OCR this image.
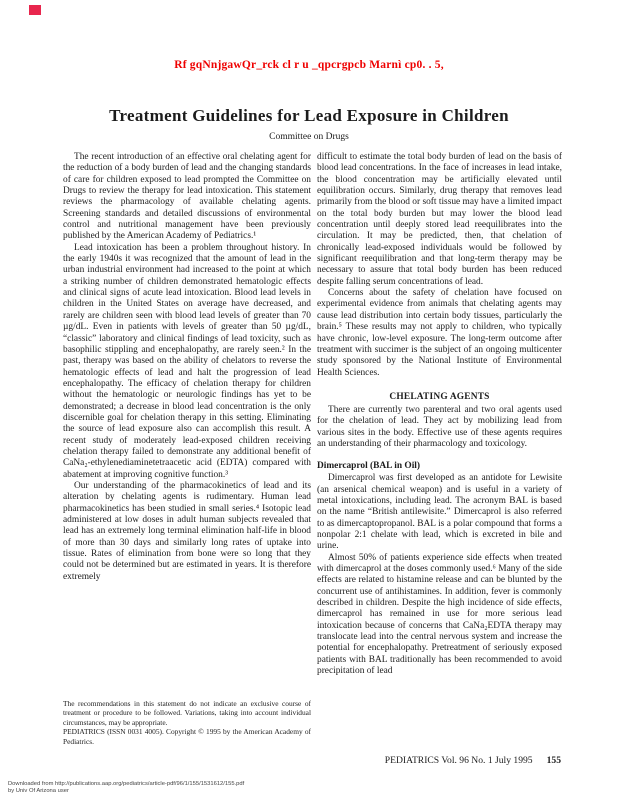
Rf gqNnjgawQr_rck cl r u _qpcrgpcb Marnì cp0. . 5,
Treatment Guidelines for Lead Exposure in Children
Committee on Drugs

The recent introduction of an effective oral chelating agent for the reduction of a body burden of lead and the changing standards of care for children exposed to lead prompted the Committee on Drugs to review the therapy for lead intoxication. This statement reviews the pharmacology of available chelating agents. Screening standards and detailed discussions of environmental control and nutritional management have been previously published by the American Academy of Pediatrics.¹

Lead intoxication has been a problem throughout history. In the early 1940s it was recognized that the amount of lead in the urban industrial environment had increased to the point at which a striking number of children demonstrated hematologic effects and clinical signs of acute lead intoxication. Blood lead levels in children in the United States on average have decreased, and rarely are children seen with blood lead levels of greater than 70 µg/dL. Even in patients with levels of greater than 50 µg/dL, “classic” laboratory and clinical findings of lead toxicity, such as basophilic stippling and encephalopathy, are rarely seen.² In the past, therapy was based on the ability of chelators to reverse the hematologic effects of lead and halt the progression of lead encephalopathy. The efficacy of chelation therapy for children without the hematologic or neurologic findings has yet to be demonstrated; a decrease in blood lead concentration is the only discernible goal for chelation therapy in this setting. Eliminating the source of lead exposure also can accomplish this result. A recent study of moderately lead-exposed children receiving chelation therapy failed to demonstrate any additional benefit of CaNa₂-ethylenediaminetetraacetic acid (EDTA) compared with abatement at improving cognitive function.³

Our understanding of the pharmacokinetics of lead and its alteration by chelating agents is rudimentary. Human lead pharmacokinetics has been studied in small series.⁴ Isotopic lead administered at low doses in adult human subjects revealed that lead has an extremely long terminal elimination half-life in blood of more than 30 days and similarly long rates of uptake into tissue. Rates of elimination from bone were so long that they could not be determined but are estimated in years. It is therefore extremely

difficult to estimate the total body burden of lead on the basis of blood lead concentrations. In the face of increases in lead intake, the blood concentration may be artificially elevated until equilibration occurs. Similarly, drug therapy that removes lead primarily from the blood or soft tissue may have a limited impact on the total body burden but may lower the blood lead concentration until deeply stored lead reequilibrates into the circulation. It may be predicted, then, that chelation of chronically lead-exposed individuals would be followed by significant reequilibration and that long-term therapy may be necessary to assure that total body burden has been reduced despite falling serum concentrations of lead.

Concerns about the safety of chelation have focused on experimental evidence from animals that chelating agents may cause lead distribution into certain body tissues, particularly the brain.⁵ These results may not apply to children, who typically have chronic, low-level exposure. The long-term outcome after treatment with succimer is the subject of an ongoing multicenter study sponsored by the National Institute of Environmental Health Sciences.

CHELATING AGENTS

There are currently two parenteral and two oral agents used for the chelation of lead. They act by mobilizing lead from various sites in the body. Effective use of these agents requires an understanding of their pharmacology and toxicology.

Dimercaprol (BAL in Oil)

Dimercaprol was first developed as an antidote for Lewisite (an arsenical chemical weapon) and is useful in a variety of metal intoxications, including lead. The acronym BAL is based on the name “British antilewisite.” Dimercaprol is also referred to as dimercaptopropanol. BAL is a polar compound that forms a nonpolar 2:1 chelate with lead, which is excreted in bile and urine.

Almost 50% of patients experience side effects when treated with dimercaprol at the doses commonly used.⁶ Many of the side effects are related to histamine release and can be blunted by the concurrent use of antihistamines. In addition, fever is commonly described in children. Despite the high incidence of side effects, dimercaprol has remained in use for more serious lead intoxication because of concerns that CaNa₂EDTA therapy may translocate lead into the central nervous system and increase the potential for encephalopathy. Pretreatment of seriously exposed patients with BAL traditionally has been recommended to avoid precipitation of lead

The recommendations in this statement do not indicate an exclusive course of treatment or procedure to be followed. Variations, taking into account individual circumstances, may be appropriate.

PEDIATRICS (ISSN 0031 4005). Copyright © 1995 by the American Academy of Pediatrics.

PEDIATRICS Vol. 96 No. 1 July 1995 155
Downloaded from http://publications.aap.org/pediatrics/article-pdf/96/1/155/1531612/155.pdf
by Univ Of Arizona user
